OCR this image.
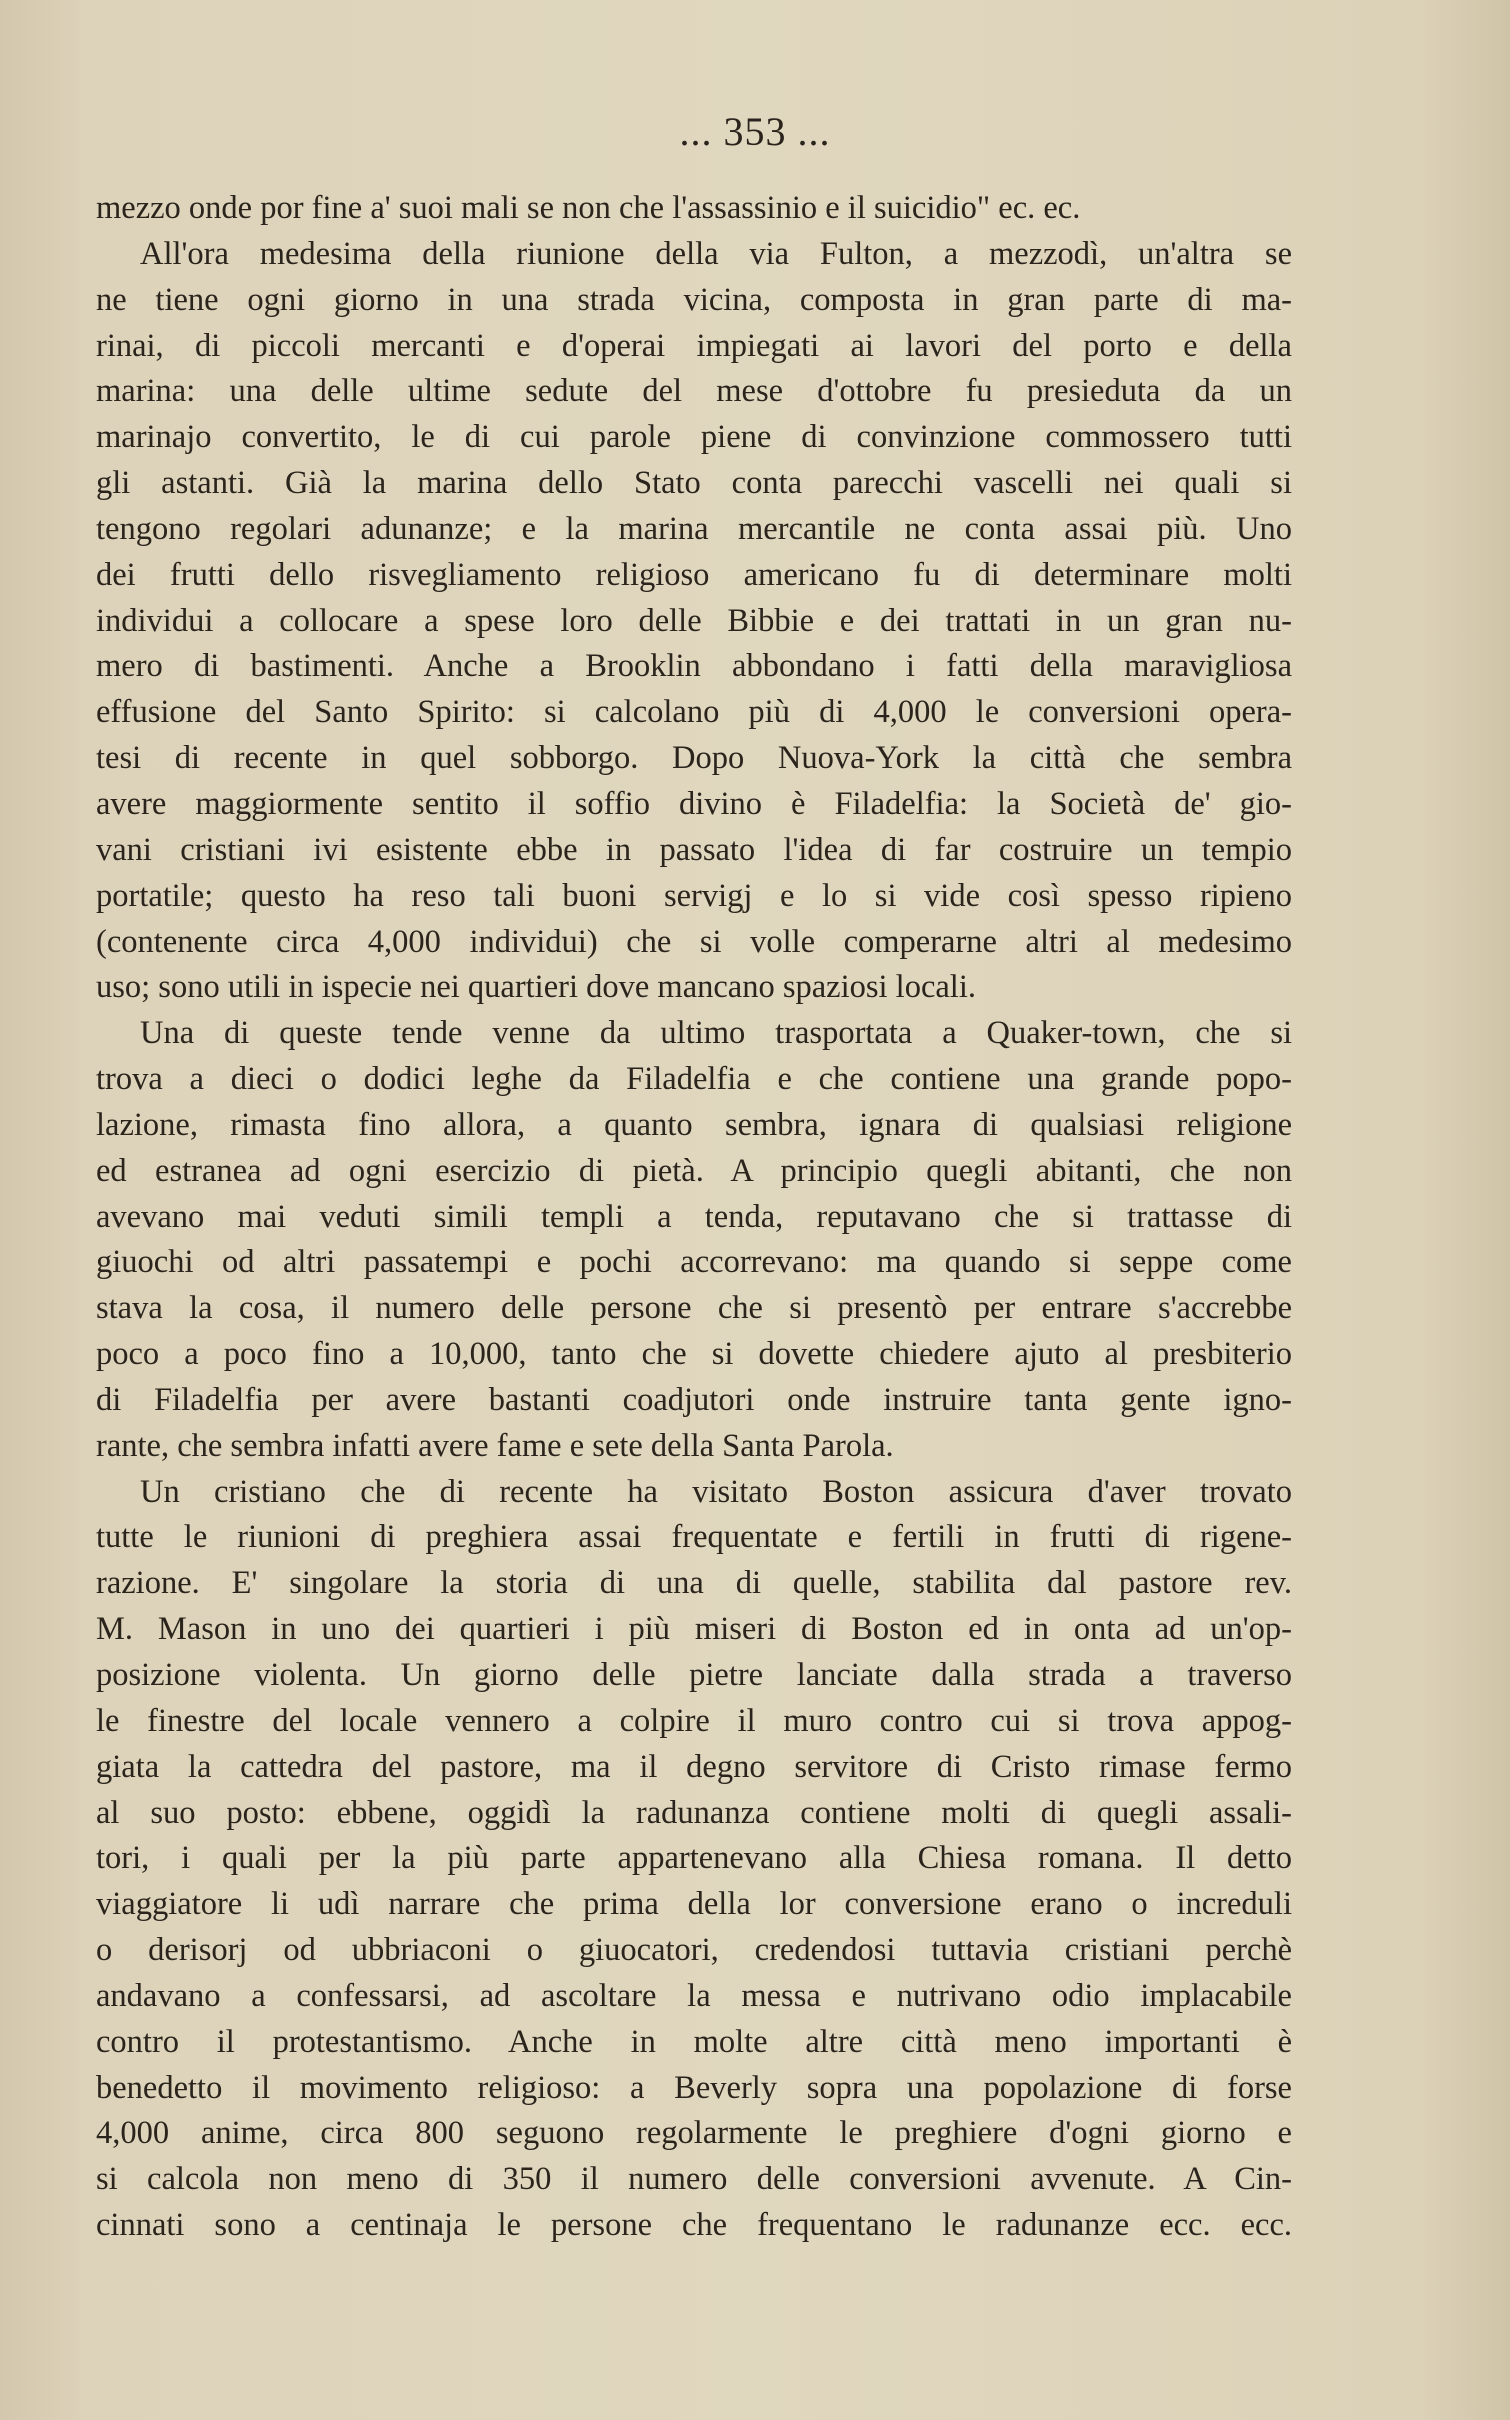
... 353 ...
mezzo onde por fine a' suoi mali se non che l'assassinio e il suicidio" ec. ec.
All'ora medesima della riunione della via Fulton, a mezzodì, un'altra se
ne tiene ogni giorno in una strada vicina, composta in gran parte di ma-
rinai, di piccoli mercanti e d'operai impiegati ai lavori del porto e della
marina: una delle ultime sedute del mese d'ottobre fu presieduta da un
marinajo convertito, le di cui parole piene di convinzione commossero tutti
gli astanti. Già la marina dello Stato conta parecchi vascelli nei quali si
tengono regolari adunanze; e la marina mercantile ne conta assai più. Uno
dei frutti dello risvegliamento religioso americano fu di determinare molti
individui a collocare a spese loro delle Bibbie e dei trattati in un gran nu-
mero di bastimenti. Anche a Brooklin abbondano i fatti della maravigliosa
effusione del Santo Spirito: si calcolano più di 4,000 le conversioni opera-
tesi di recente in quel sobborgo. Dopo Nuova-York la città che sembra
avere maggiormente sentito il soffio divino è Filadelfia: la Società de' gio-
vani cristiani ivi esistente ebbe in passato l'idea di far costruire un tempio
portatile; questo ha reso tali buoni servigj e lo si vide così spesso ripieno
(contenente circa 4,000 individui) che si volle comperarne altri al medesimo
uso; sono utili in ispecie nei quartieri dove mancano spaziosi locali.
Una di queste tende venne da ultimo trasportata a Quaker-town, che si
trova a dieci o dodici leghe da Filadelfia e che contiene una grande popo-
lazione, rimasta fino allora, a quanto sembra, ignara di qualsiasi religione
ed estranea ad ogni esercizio di pietà. A principio quegli abitanti, che non
avevano mai veduti simili templi a tenda, reputavano che si trattasse di
giuochi od altri passatempi e pochi accorrevano: ma quando si seppe come
stava la cosa, il numero delle persone che si presentò per entrare s'accrebbe
poco a poco fino a 10,000, tanto che si dovette chiedere ajuto al presbiterio
di Filadelfia per avere bastanti coadjutori onde instruire tanta gente igno-
rante, che sembra infatti avere fame e sete della Santa Parola.
Un cristiano che di recente ha visitato Boston assicura d'aver trovato
tutte le riunioni di preghiera assai frequentate e fertili in frutti di rigene-
razione. E' singolare la storia di una di quelle, stabilita dal pastore rev.
M. Mason in uno dei quartieri i più miseri di Boston ed in onta ad un'op-
posizione violenta. Un giorno delle pietre lanciate dalla strada a traverso
le finestre del locale vennero a colpire il muro contro cui si trova appog-
giata la cattedra del pastore, ma il degno servitore di Cristo rimase fermo
al suo posto: ebbene, oggidì la radunanza contiene molti di quegli assali-
tori, i quali per la più parte appartenevano alla Chiesa romana. Il detto
viaggiatore li udì narrare che prima della lor conversione erano o increduli
o derisorj od ubbriaconi o giuocatori, credendosi tuttavia cristiani perchè
andavano a confessarsi, ad ascoltare la messa e nutrivano odio implacabile
contro il protestantismo. Anche in molte altre città meno importanti è
benedetto il movimento religioso: a Beverly sopra una popolazione di forse
4,000 anime, circa 800 seguono regolarmente le preghiere d'ogni giorno e
si calcola non meno di 350 il numero delle conversioni avvenute. A Cin-
cinnati sono a centinaja le persone che frequentano le radunanze ecc. ecc.
